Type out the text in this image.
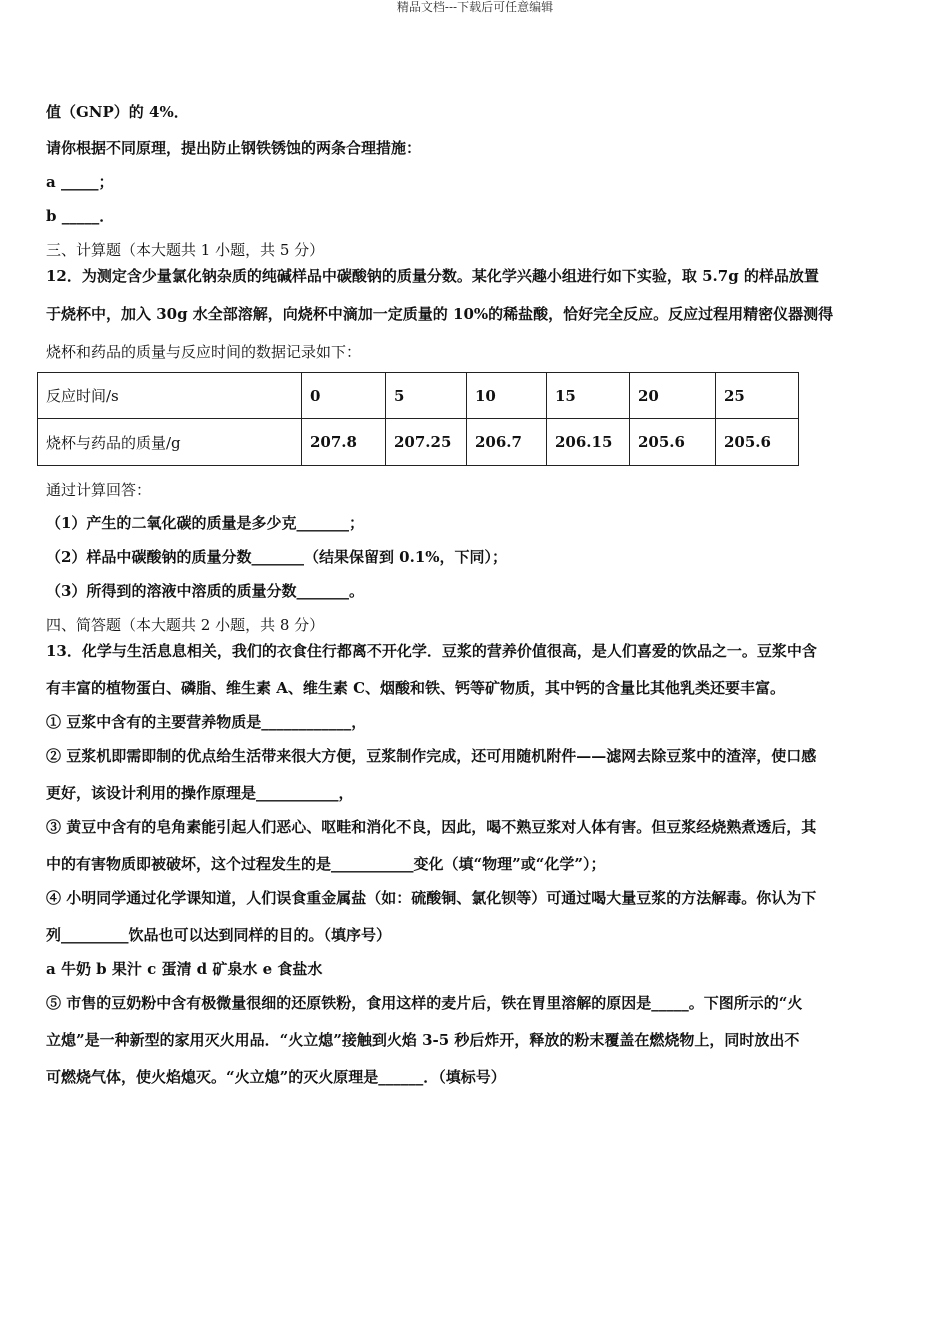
精品文档---下载后可任意编辑
值（GNP）的 4%．
请你根据不同原理，提出防止钢铁锈蚀的两条合理措施：
a _____；
b _____．
三、计算题（本大题共 1 小题，共 5 分）
12．为测定含少量氯化钠杂质的纯碱样品中碳酸钠的质量分数。某化学兴趣小组进行如下实验，取 5.7g 的样品放置
于烧杯中，加入 30g 水全部溶解，向烧杯中滴加一定质量的 10%的稀盐酸，恰好完全反应。反应过程用精密仪器测得
烧杯和药品的质量与反应时间的数据记录如下：
反应时间/s	0	5	10	15	20	25
烧杯与药品的质量/g	207.8	207.25	206.7	206.15	205.6	205.6
通过计算回答：
（1）产生的二氧化碳的质量是多少克_______；
（2）样品中碳酸钠的质量分数_______（结果保留到 0.1%，下同）；
（3）所得到的溶液中溶质的质量分数_______。
四、简答题（本大题共 2 小题，共 8 分）
13．化学与生活息息相关，我们的衣食住行都离不开化学．豆浆的营养价值很高，是人们喜爱的饮品之一。豆浆中含
有丰富的植物蛋白、磷脂、维生素 A、维生素 C、烟酸和铁、钙等矿物质，其中钙的含量比其他乳类还要丰富。
① 豆浆中含有的主要营养物质是____________，
② 豆浆机即需即制的优点给生活带来很大方便，豆浆制作完成，还可用随机附件——滤网去除豆浆中的渣滓，使口感
更好，该设计利用的操作原理是___________，
③ 黄豆中含有的皂角素能引起人们恶心、呕畦和消化不良，因此，喝不熟豆浆对人体有害。但豆浆经烧熟煮透后，其
中的有害物质即被破坏，这个过程发生的是___________变化（填“物理”或“化学”）；
④ 小明同学通过化学课知道，人们误食重金属盐（如：硫酸铜、氯化钡等）可通过喝大量豆浆的方法解毒。你认为下
列_________饮品也可以达到同样的目的。（填序号）
a 牛奶 b 果汁 c 蛋清 d 矿泉水 e 食盐水
⑤ 市售的豆奶粉中含有极微量很细的还原铁粉，食用这样的麦片后，铁在胃里溶解的原因是_____。下图所示的“火
立熄”是一种新型的家用灭火用品．“火立熄”接触到火焰 3-5 秒后炸开，释放的粉末覆盖在燃烧物上，同时放出不
可燃烧气体，使火焰熄灭。“火立熄”的灭火原理是______．（填标号）
